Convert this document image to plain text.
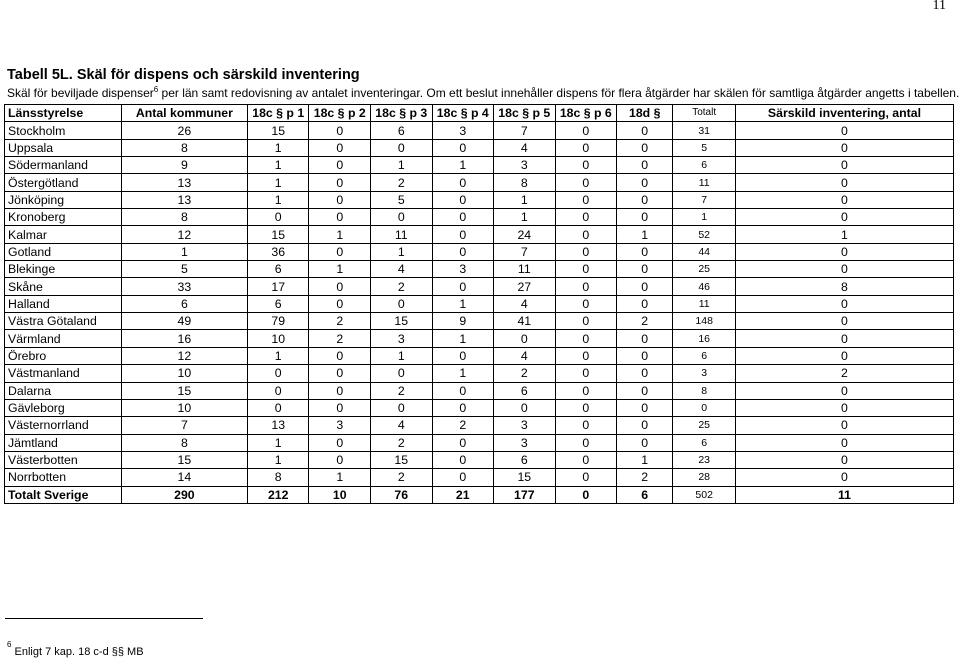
11
Tabell 5L. Skäl för dispens och särskild inventering
Skäl för beviljade dispenser$^6$ per län samt redovisning av antalet inventeringar. Om ett beslut innehåller dispens för flera åtgärder har skälen för samtliga åtgärder angetts i tabellen.
Länsstyrelse	Antal kommuner	18c § p 1	18c § p 2	18c § p 3	18c § p 4	18c § p 5	18c § p 6	18d §	Totalt	Särskild inventering, antal
Stockholm	26	15	0	6	3	7	0	0	31	0
Uppsala	8	1	0	0	0	4	0	0	5	0
Södermanland	9	1	0	1	1	3	0	0	6	0
Östergötland	13	1	0	2	0	8	0	0	11	0
Jönköping	13	1	0	5	0	1	0	0	7	0
Kronoberg	8	0	0	0	0	1	0	0	1	0
Kalmar	12	15	1	11	0	24	0	1	52	1
Gotland	1	36	0	1	0	7	0	0	44	0
Blekinge	5	6	1	4	3	11	0	0	25	0
Skåne	33	17	0	2	0	27	0	0	46	8
Halland	6	6	0	0	1	4	0	0	11	0
Västra Götaland	49	79	2	15	9	41	0	2	148	0
Värmland	16	10	2	3	1	0	0	0	16	0
Örebro	12	1	0	1	0	4	0	0	6	0
Västmanland	10	0	0	0	1	2	0	0	3	2
Dalarna	15	0	0	2	0	6	0	0	8	0
Gävleborg	10	0	0	0	0	0	0	0	0	0
Västernorrland	7	13	3	4	2	3	0	0	25	0
Jämtland	8	1	0	2	0	3	0	0	6	0
Västerbotten	15	1	0	15	0	6	0	1	23	0
Norrbotten	14	8	1	2	0	15	0	2	28	0
Totalt Sverige	290	212	10	76	21	177	0	6	502	11
$^6$ Enligt 7 kap. 18 c-d §§ MB
